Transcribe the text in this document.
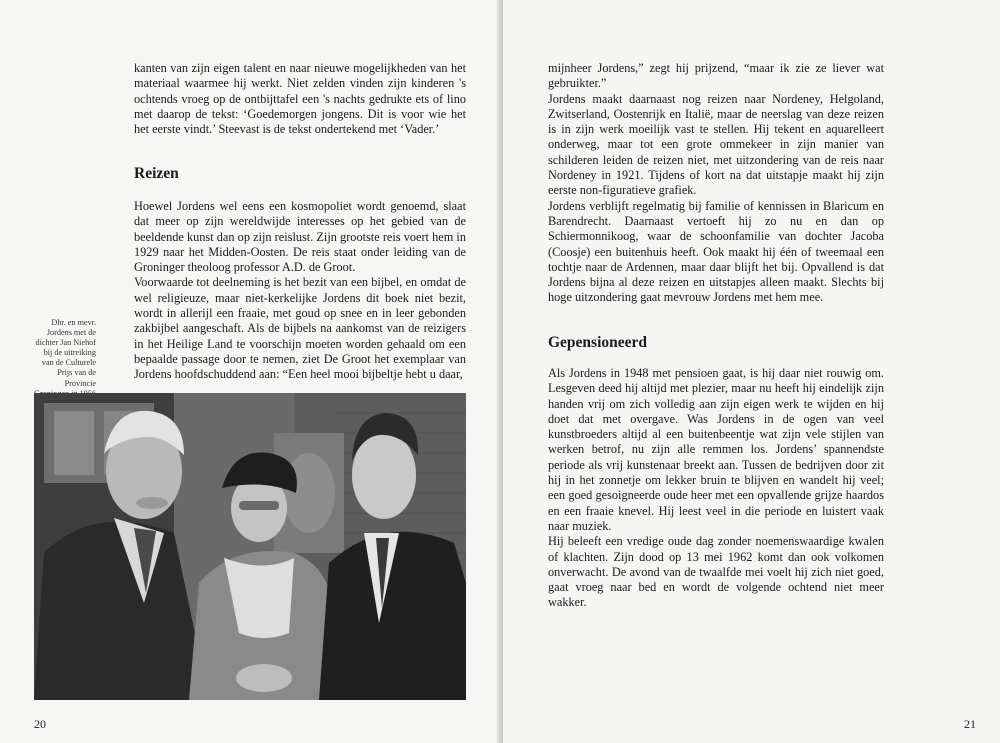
kanten van zijn eigen talent en naar nieuwe mogelijkheden van het materiaal waarmee hij werkt. Niet zelden vinden zijn kinderen 's ochtends vroeg op de ontbijttafel een 's nachts gedrukte ets of lino met daarop de tekst: ‘Goedemorgen jongens. Dit is voor wie het het eerste vindt.’ Steevast is de tekst ondertekend met ‘Vader.’

Reizen

Hoewel Jordens wel eens een kosmopoliet wordt genoemd, slaat dat meer op zijn wereldwijde interesses op het gebied van de beeldende kunst dan op zijn reislust. Zijn grootste reis voert hem in 1929 naar het Midden-Oosten. De reis staat onder leiding van de Groninger theoloog professor A.D. de Groot.

Voorwaarde tot deelneming is het bezit van een bijbel, en omdat de wel religieuze, maar niet-kerkelijke Jordens dit boek niet bezit, wordt in allerijl een fraaie, met goud op snee en in leer gebonden zakbijbel aangeschaft. Als de bijbels na aankomst van de reizigers in het Heilige Land te voorschijn moeten worden gehaald om een bepaalde passage door te nemen, ziet De Groot het exemplaar van Jordens hoofdschuddend aan: “Een heel mooi bijbeltje hebt u daar,

Dhr. en mevr. Jordens met de dichter Jan Niehof bij de uitreiking van de Culturele Prijs van de Provincie
20

mijnheer Jordens,” zegt hij prijzend, “maar ik zie ze liever wat gebruikter.”

Jordens maakt daarnaast nog reizen naar Nordeney, Helgoland, Zwitserland, Oostenrijk en Italië, maar de neerslag van deze reizen is in zijn werk moeilijk vast te stellen. Hij tekent en aquarelleert onderweg, maar tot een grote ommekeer in zijn manier van schilderen leiden de reizen niet, met uitzondering van de reis naar Nordeney in 1921. Tijdens of kort na dat uitstapje maakt hij zijn eerste non-figuratieve grafiek.

Jordens verblijft regelmatig bij familie of kennissen in Blaricum en Barendrecht. Daarnaast vertoeft hij zo nu en dan op Schiermonnikoog, waar de schoonfamilie van dochter Jacoba (Coosje) een buitenhuis heeft. Ook maakt hij één of tweemaal een tochtje naar de Ardennen, maar daar blijft het bij. Opvallend is dat Jordens bijna al deze reizen en uitstapjes alleen maakt. Slechts bij hoge uitzondering gaat mevrouw Jordens met hem mee.

Gepensioneerd

Als Jordens in 1948 met pensioen gaat, is hij daar niet rouwig om. Lesgeven deed hij altijd met plezier, maar nu heeft hij eindelijk zijn handen vrij om zich volledig aan zijn eigen werk te wijden en hij doet dat met overgave. Was Jordens in de ogen van veel kunstbroeders altijd al een buitenbeentje wat zijn vele stijlen van werken betrof, nu zijn alle remmen los. Jordens’ spannendste periode als vrij kunstenaar breekt aan. Tussen de bedrijven door zit hij in het zonnetje om lekker bruin te blijven en wandelt hij veel; een goed gesoigneerde oude heer met een opvallende grijze haardos en een fraaie knevel. Hij leest veel in die periode en luistert vaak naar muziek.

Hij beleeft een vredige oude dag zonder noemenswaardige kwalen of klachten. Zijn dood op 13 mei 1962 komt dan ook volkomen onverwacht. De avond van de twaalfde mei voelt hij zich niet goed, gaat vroeg naar bed en wordt de volgende ochtend niet meer wakker.

21
